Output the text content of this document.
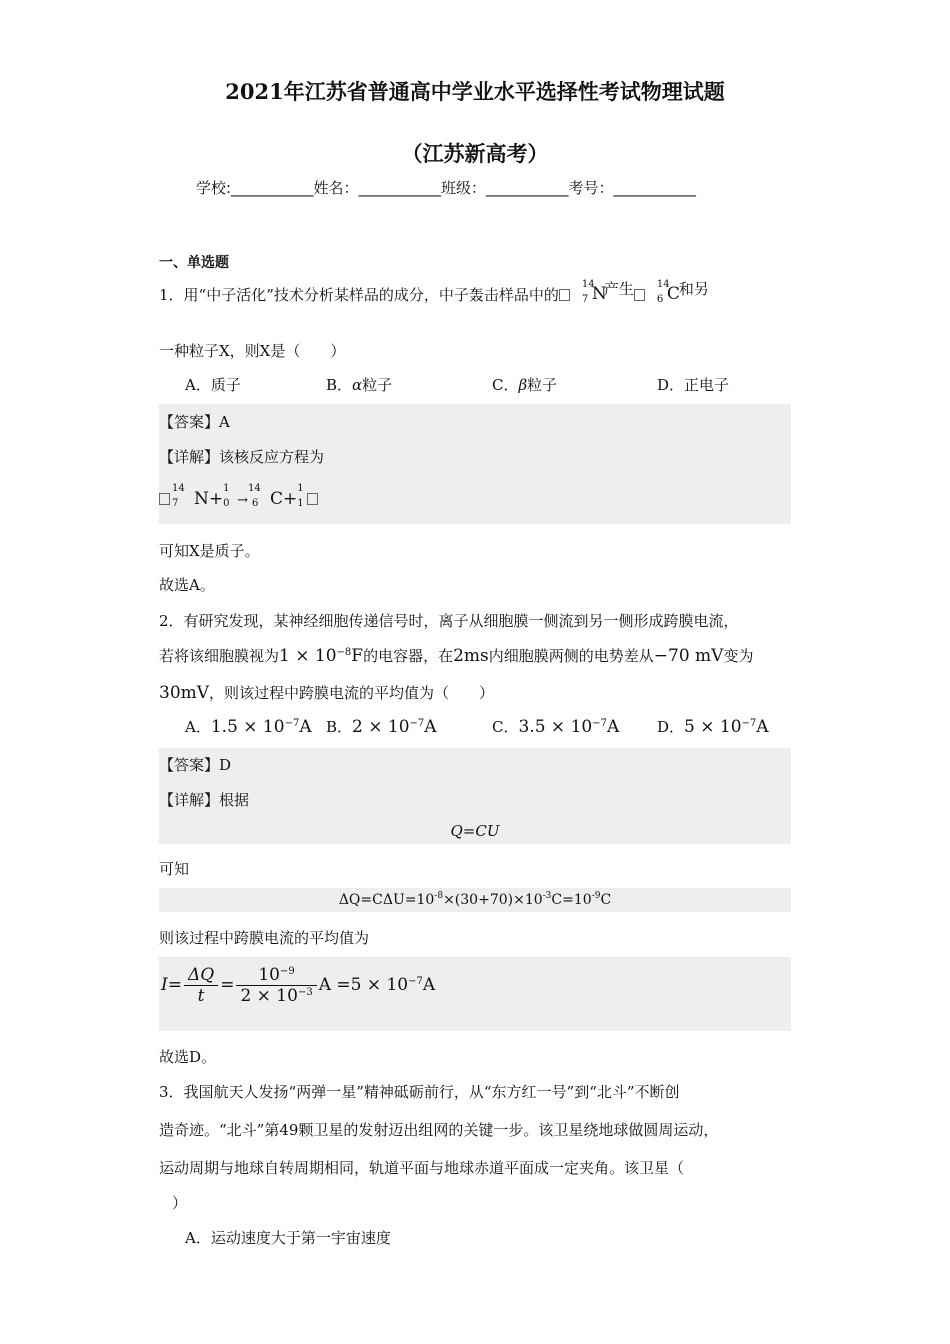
2021年江苏省普通高中学业水平选择性考试物理试题
（江苏新高考）
学校:___________姓名：___________班级：___________考号：___________
一、单选题
1．用“中子活化”技术分析某样品的成分，中子轰击样品中的
14
7 N
产生 14
6 C
和另
一种粒子X，则X是（　　）
A．质子	B．α粒子	C．β粒子	D．正电子
【答案】A
【详解】该核反应方程为
14
7 N+
1
0 →
14
6 C+
1
1
可知X是质子。
故选A。
2．有研究发现，某神经细胞传递信号时，离子从细胞膜一侧流到另一侧形成跨膜电流，
若将该细胞膜视为$1 \times 10^{-8}F$的电容器，在2ms内细胞膜两侧的电势差从−70 mV变为
30mV，则该过程中跨膜电流的平均值为（　　）
A．$1.5 \times 10^{-7}A$ B．$2 \times 10^{-7}A$	C．$3.5 \times 10^{-7}A$	D．$5 \times 10^{-7}A$
【答案】D
【详解】根据
Q=CU
可知
$\Delta Q=C\Delta U=10^{-8}\times(30+70)\times 10^{-3}C=10^{-9}C$
则该过程中跨膜电流的平均值为
$I= \frac{\Delta Q}{t} = \frac{10^{-9}}{2 \times 10^{-3}}$ $A =5 \times 10^{-7}A$
故选D。
3．我国航天人发扬“两弹一星”精神砥砺前行，从“东方红一号”到“北斗”不断创
造奇迹。“北斗”第49颗卫星的发射迈出组网的关键一步。该卫星绕地球做圆周运动，
运动周期与地球自转周期相同，轨道平面与地球赤道平面成一定夹角。该卫星（
）
A．运动速度大于第一宇宙速度
